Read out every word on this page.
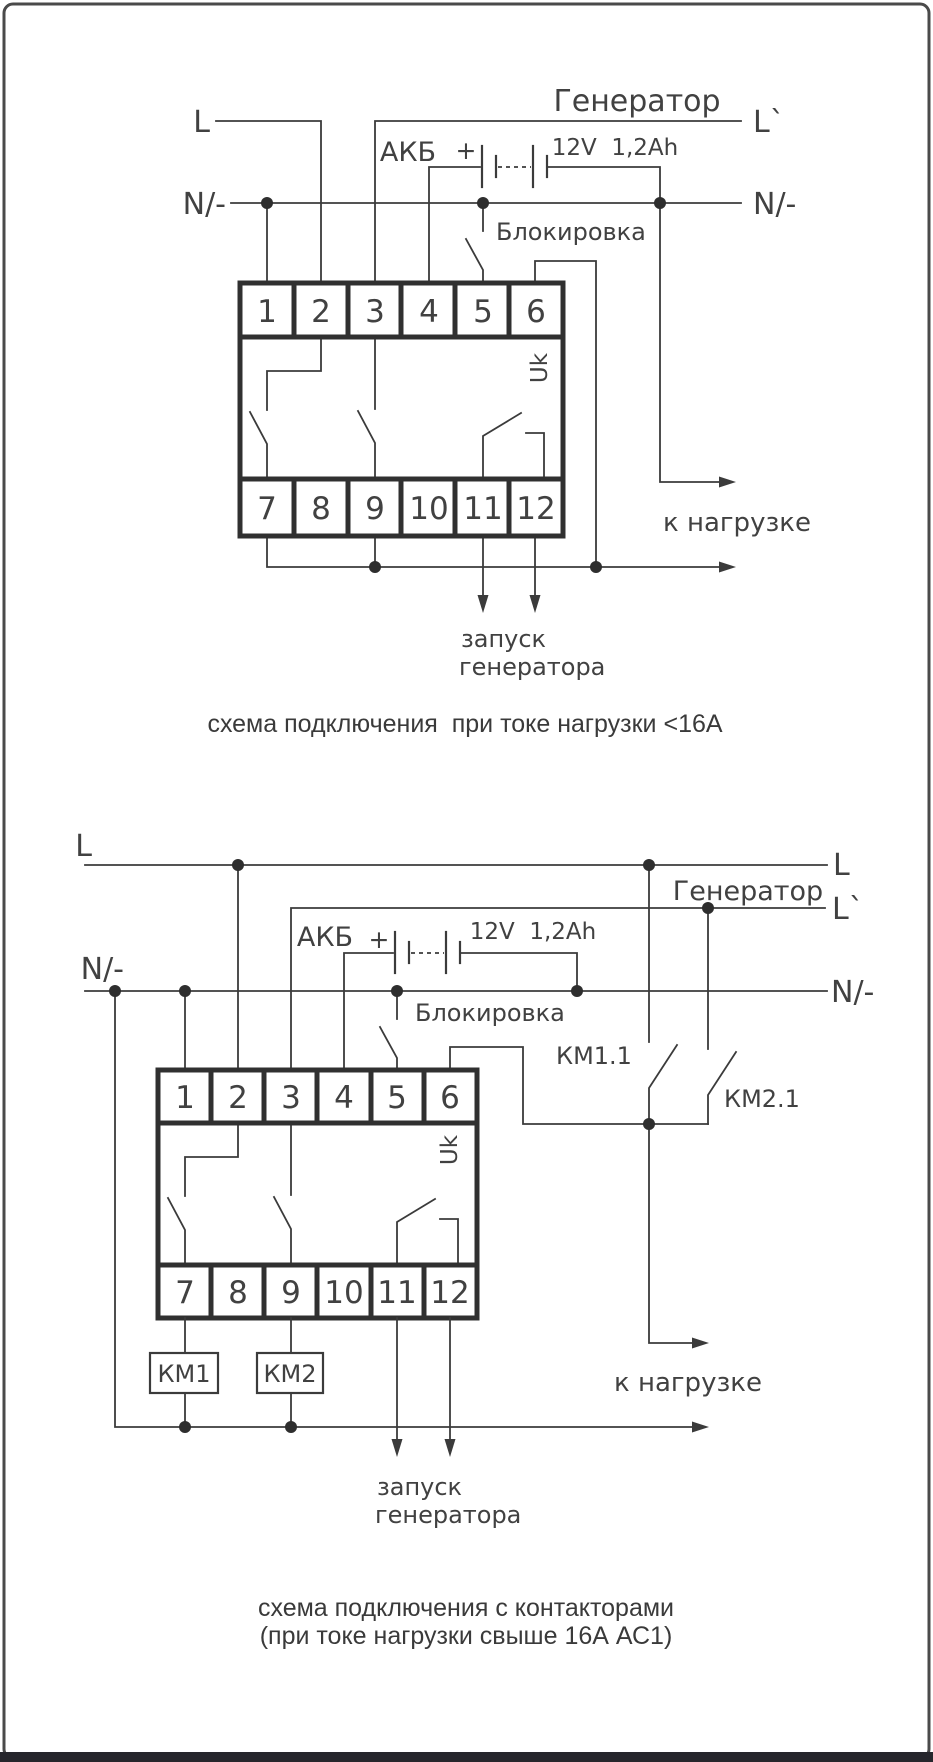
L
Генератор
L`
АКБ +	12V  1,2Ah
N/-	N/-
Блокировка
Uk
к нагрузке
запуск
генератора
1 2 3 4 5 6
7 8 9 10 11 12
схема подключения  при токе нагрузки <16А
L
L
Генератор
L`
АКБ +	12V  1,2Ah
N/-
N/-
Блокировка
КМ1.1
КМ2.1
Uk
КМ1 КМ2	к нагрузке
запуск
генератора
1 2 3 4 5 6
7 8 9 10 11 12
схема подключения с контакторами
(при токе нагрузки свыше 16А АС1)
